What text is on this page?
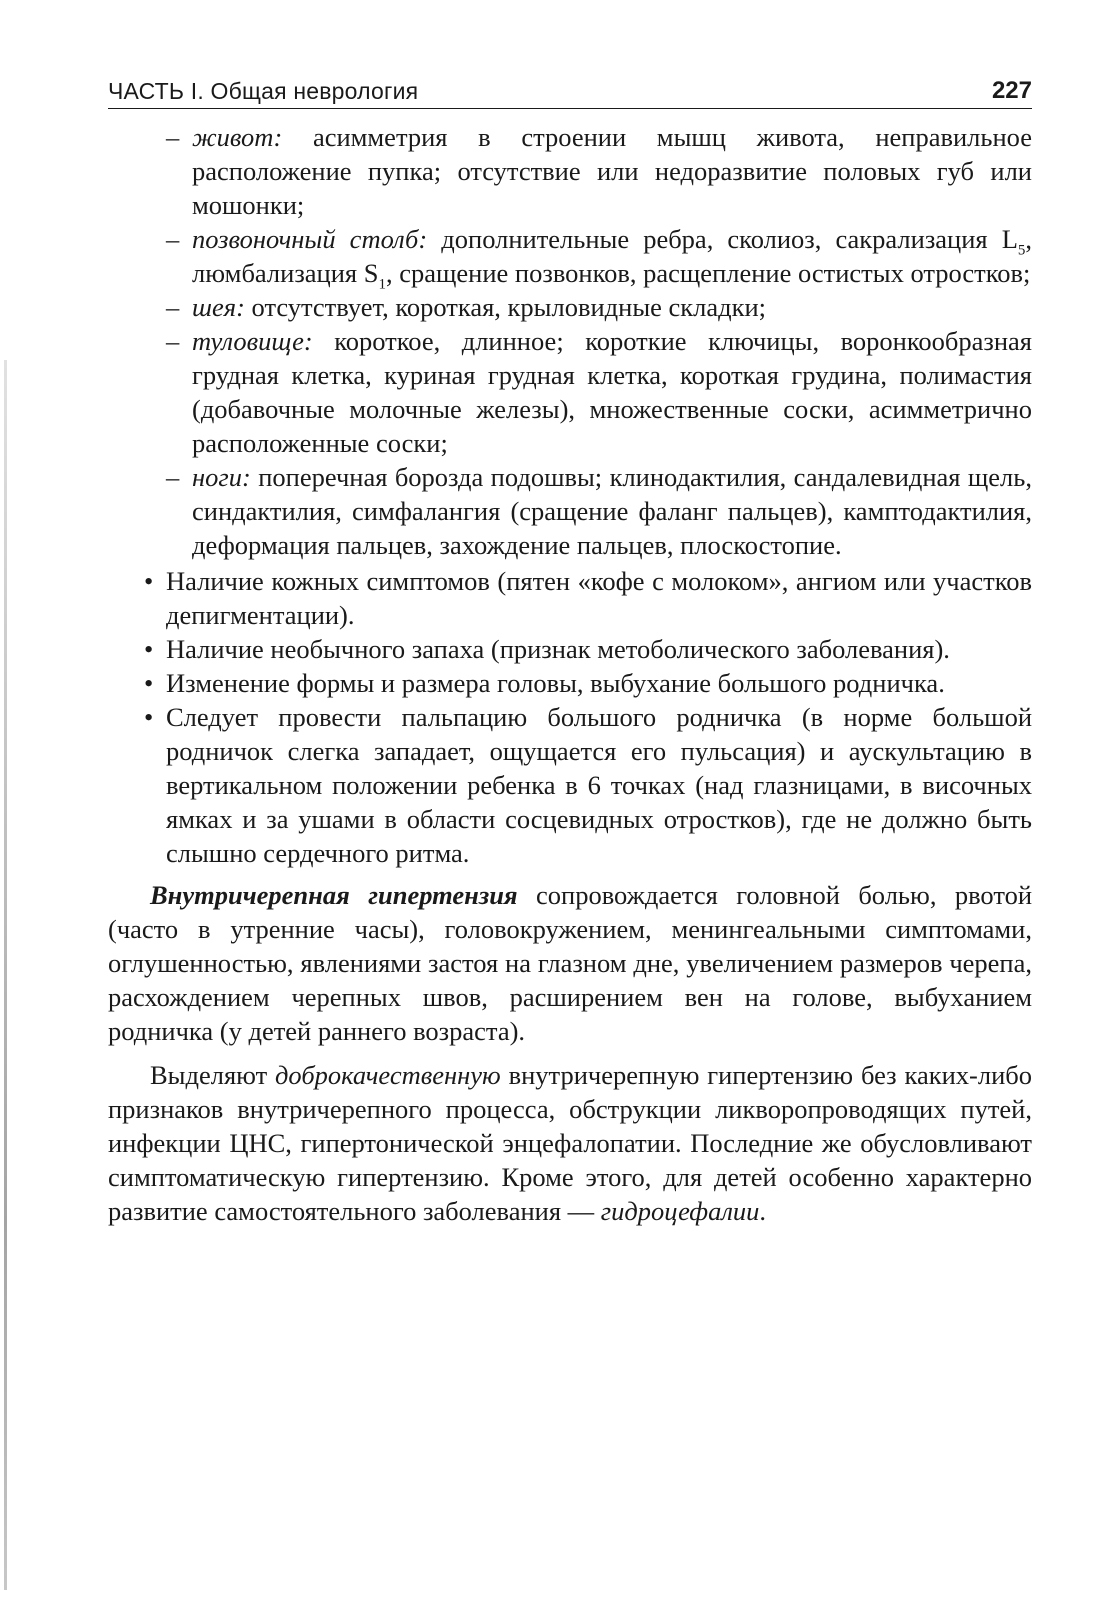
ЧАСТЬ I. Общая неврология	227

– живот: асимметрия в строении мышц живота, неправильное расположение пупка; отсутствие или недоразвитие половых губ или мошонки;

– позвоночный столб: дополнительные ребра, сколиоз, сакрализация $L_5$, люмбализация $S_1$, сращение позвонков, расщепление остистых отростков;

– шея: отсутствует, короткая, крыловидные складки;

– туловище: короткое, длинное; короткие ключицы, воронкообразная грудная клетка, куриная грудная клетка, короткая грудина, полимастия (добавочные молочные железы), множественные соски, асимметрично расположенные соски;

– ноги: поперечная борозда подошвы; клинодактилия, сандалевидная щель, синдактилия, симфалангия (сращение фаланг пальцев), камптодактилия, деформация пальцев, захождение пальцев, плоскостопие.

• Наличие кожных симптомов (пятен «кофе с молоком», ангиом или участков депигментации).

• Наличие необычного запаха (признак метоболического заболевания).

• Изменение формы и размера головы, выбухание большого родничка.

• Следует провести пальпацию большого родничка (в норме большой родничок слегка западает, ощущается его пульсация) и аускультацию в вертикальном положении ребенка в 6 точках (над глазницами, в височных ямках и за ушами в области сосцевидных отростков), где не должно быть слышно сердечного ритма.

Внутричерепная гипертензия сопровождается головной болью, рвотой (часто в утренние часы), головокружением, менингеальными симптомами, оглушенностью, явлениями застоя на глазном дне, увеличением размеров черепа, расхождением черепных швов, расширением вен на голове, выбуханием родничка (у детей раннего возраста).

Выделяют доброкачественную внутричерепную гипертензию без каких-либо признаков внутричерепного процесса, обструкции ликворопроводящих путей, инфекции ЦНС, гипертонической энцефалопатии. Последние же обусловливают симптоматическую гипертензию. Кроме этого, для детей особенно характерно развитие самостоятельного заболевания — гидроцефалии.
